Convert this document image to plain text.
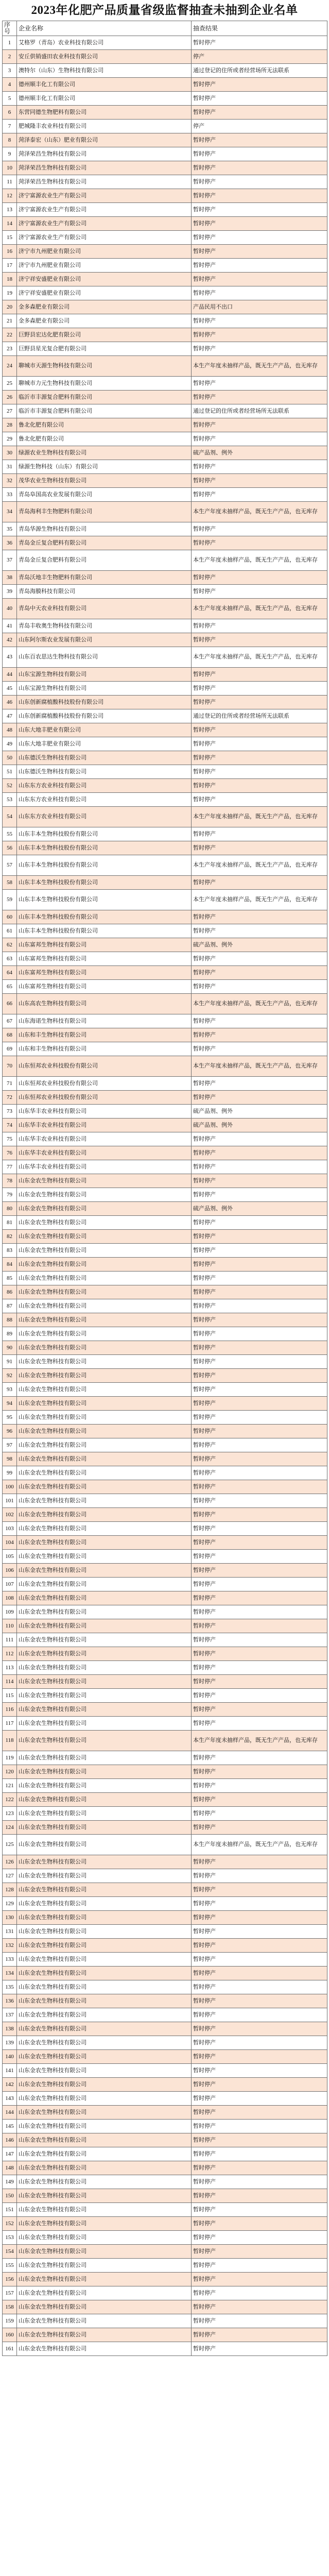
2023年化肥产品质量省级监督抽查未抽到企业名单
序号	企业名称	抽查结果
1	艾格罗（青岛）农业科技有限公司	暂时停产
2	安丘供销盛田农业科技有限公司	停产
3	澳特尔（山东）生物科技有限公司	通过登记的住所或者经营场所无法联系
4	德州顺丰化工有限公司	暂时停产
5	德州顺丰化工有限公司	暂时停产
6	东营同德生物肥料有限公司	暂时停产
7	肥城隆丰农业科技有限公司	停产
8	菏泽泰宏（山东）肥业有限公司	暂时停产
9	菏泽荣昌生物科技有限公司	暂时停产
10	菏泽荣昌生物科技有限公司	暂时停产
11	菏泽荣昌生物科技有限公司	暂时停产
12	济宁富源农业生产有限公司	暂时停产
13	济宁富源农业生产有限公司	暂时停产
14	济宁富源农业生产有限公司	暂时停产
15	济宁富源农业生产有限公司	暂时停产
16	济宁市九州肥业有限公司	暂时停产
17	济宁市九州肥业有限公司	暂时停产
18	济宁祥安盛肥业有限公司	暂时停产
19	济宁祥安盛肥业有限公司	暂时停产
20	金多森肥业有限公司	产品民用不出口
21	金多森肥业有限公司	暂时停产
22	巨野县宏达化肥有限公司	暂时停产
23	巨野县星光复合肥有限公司	暂时停产
24	聊城市天源生物科技有限公司	本生产年度未抽样产品，既无生产产品，也无库存
25	聊城市力元生物科技有限公司	暂时停产
26	临沂市丰源复合肥料有限公司	暂时停产
27	临沂市丰源复合肥料有限公司	通过登记的住所或者经营场所无法联系
28	鲁北化肥有限公司	暂时停产
29	鲁北化肥有限公司	暂时停产
30	绿源农业生物科技有限公司	硫产品剂、例外
31	绿源生物科技（山东）有限公司	暂时停产
32	茂华农业生物科技有限公司	暂时停产
33	青岛阜国高农业发展有限公司	暂时停产
34	青岛海利丰生物肥料有限公司	本生产年度未抽样产品，既无生产产品，也无库存
35	青岛华源生物科技有限公司	暂时停产
36	青岛金丘复合肥料有限公司	暂时停产
37	青岛金丘复合肥料有限公司	本生产年度未抽样产品，既无生产产品，也无库存
38	青岛沃地丰生物肥料有限公司	暂时停产
39	青岛海膜科技有限公司	暂时停产
40	青岛中天农业科技有限公司	本生产年度未抽样产品，既无生产产品，也无库存
41	青岛丰收奥生物科技有限公司	暂时停产
42	山东阿尔斯农业发展有限公司	暂时停产
43	山东百农思达生物科技有限公司	本生产年度未抽样产品，既无生产产品，也无库存
44	山东宝源生物科技有限公司	暂时停产
45	山东宝源生物科技有限公司	暂时停产
46	山东创新腐植酸科技股份有限公司	暂时停产
47	山东创新腐植酸科技股份有限公司	通过登记的住所或者经营场所无法联系
48	山东大地丰肥业有限公司	暂时停产
49	山东大地丰肥业有限公司	暂时停产
50	山东德沃生物科技有限公司	暂时停产
51	山东德沃生物科技有限公司	暂时停产
52	山东东方农业科技有限公司	暂时停产
53	山东东方农业科技有限公司	暂时停产
54	山东东方农业科技有限公司	本生产年度未抽样产品，既无生产产品，也无库存
55	山东丰本生物科技股份有限公司	暂时停产
56	山东丰本生物科技股份有限公司	暂时停产
57	山东丰本生物科技股份有限公司	本生产年度未抽样产品，既无生产产品，也无库存
58	山东丰本生物科技股份有限公司	暂时停产
59	山东丰本生物科技股份有限公司	本生产年度未抽样产品，既无生产产品，也无库存
60	山东丰本生物科技股份有限公司	暂时停产
61	山东丰本生物科技股份有限公司	暂时停产
62	山东富邦生物科技有限公司	硫产品剂、例外
63	山东富邦生物科技有限公司	暂时停产
64	山东富邦生物科技有限公司	暂时停产
65	山东富邦生物科技有限公司	暂时停产
66	山东高农生物科技有限公司	本生产年度未抽样产品，既无生产产品，也无库存
67	山东海诺生物科技有限公司	暂时停产
68	山东和丰生物科技有限公司	暂时停产
69	山东和丰生物科技有限公司	暂时停产
70	山东恒邦农业科技股份有限公司	本生产年度未抽样产品，既无生产产品，也无库存
71	山东恒邦农业科技股份有限公司	暂时停产
72	山东恒邦农业科技股份有限公司	暂时停产
73	山东华丰农业科技有限公司	硫产品剂、例外
74	山东华丰农业科技有限公司	硫产品剂、例外
75	山东华丰农业科技有限公司	暂时停产
76	山东华丰农业科技有限公司	暂时停产
77	山东华丰农业科技有限公司	暂时停产
78	山东金农生物科技有限公司	暂时停产
79	山东金农生物科技有限公司	暂时停产
80	山东金农生物科技有限公司	硫产品剂、例外
81	山东金农生物科技有限公司	暂时停产
82	山东金农生物科技有限公司	暂时停产
83	山东金农生物科技有限公司	暂时停产
84	山东金农生物科技有限公司	暂时停产
85	山东金农生物科技有限公司	暂时停产
86	山东金农生物科技有限公司	暂时停产
87	山东金农生物科技有限公司	暂时停产
88	山东金农生物科技有限公司	暂时停产
89	山东金农生物科技有限公司	暂时停产
90	山东金农生物科技有限公司	暂时停产
91	山东金农生物科技有限公司	暂时停产
92	山东金农生物科技有限公司	暂时停产
93	山东金农生物科技有限公司	暂时停产
94	山东金农生物科技有限公司	暂时停产
95	山东金农生物科技有限公司	暂时停产
96	山东金农生物科技有限公司	暂时停产
97	山东金农生物科技有限公司	暂时停产
98	山东金农生物科技有限公司	暂时停产
99	山东金农生物科技有限公司	暂时停产
100	山东金农生物科技有限公司	暂时停产
101	山东金农生物科技有限公司	暂时停产
102	山东金农生物科技有限公司	暂时停产
103	山东金农生物科技有限公司	暂时停产
104	山东金农生物科技有限公司	暂时停产
105	山东金农生物科技有限公司	暂时停产
106	山东金农生物科技有限公司	暂时停产
107	山东金农生物科技有限公司	暂时停产
108	山东金农生物科技有限公司	暂时停产
109	山东金农生物科技有限公司	暂时停产
110	山东金农生物科技有限公司	暂时停产
111	山东金农生物科技有限公司	暂时停产
112	山东金农生物科技有限公司	暂时停产
113	山东金农生物科技有限公司	暂时停产
114	山东金农生物科技有限公司	暂时停产
115	山东金农生物科技有限公司	暂时停产
116	山东金农生物科技有限公司	暂时停产
117	山东金农生物科技有限公司	暂时停产
118	山东金农生物科技有限公司	本生产年度未抽样产品，既无生产产品，也无库存
119	山东金农生物科技有限公司	暂时停产
120	山东金农生物科技有限公司	暂时停产
121	山东金农生物科技有限公司	暂时停产
122	山东金农生物科技有限公司	暂时停产
123	山东金农生物科技有限公司	暂时停产
124	山东金农生物科技有限公司	暂时停产
125	山东金农生物科技有限公司	本生产年度未抽样产品，既无生产产品，也无库存
126	山东金农生物科技有限公司	暂时停产
127	山东金农生物科技有限公司	暂时停产
128	山东金农生物科技有限公司	暂时停产
129	山东金农生物科技有限公司	暂时停产
130	山东金农生物科技有限公司	暂时停产
131	山东金农生物科技有限公司	暂时停产
132	山东金农生物科技有限公司	暂时停产
133	山东金农生物科技有限公司	暂时停产
134	山东金农生物科技有限公司	暂时停产
135	山东金农生物科技有限公司	暂时停产
136	山东金农生物科技有限公司	暂时停产
137	山东金农生物科技有限公司	暂时停产
138	山东金农生物科技有限公司	暂时停产
139	山东金农生物科技有限公司	暂时停产
140	山东金农生物科技有限公司	暂时停产
141	山东金农生物科技有限公司	暂时停产
142	山东金农生物科技有限公司	暂时停产
143	山东金农生物科技有限公司	暂时停产
144	山东金农生物科技有限公司	暂时停产
145	山东金农生物科技有限公司	暂时停产
146	山东金农生物科技有限公司	暂时停产
147	山东金农生物科技有限公司	暂时停产
148	山东金农生物科技有限公司	暂时停产
149	山东金农生物科技有限公司	暂时停产
150	山东金农生物科技有限公司	暂时停产
151	山东金农生物科技有限公司	暂时停产
152	山东金农生物科技有限公司	暂时停产
153	山东金农生物科技有限公司	暂时停产
154	山东金农生物科技有限公司	暂时停产
155	山东金农生物科技有限公司	暂时停产
156	山东金农生物科技有限公司	暂时停产
157	山东金农生物科技有限公司	暂时停产
158	山东金农生物科技有限公司	暂时停产
159	山东金农生物科技有限公司	暂时停产
160	山东金农生物科技有限公司	暂时停产
161	山东金农生物科技有限公司	暂时停产
